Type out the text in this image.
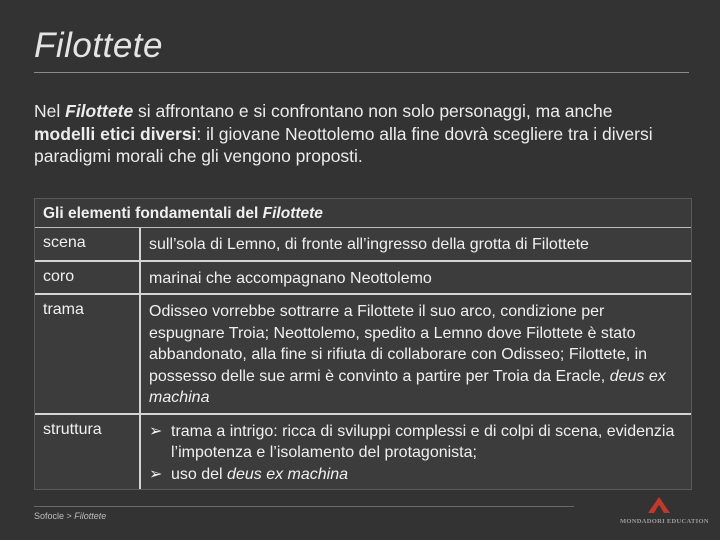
Filottete
Nel Filottete si affrontano e si confrontano non solo personaggi, ma anche modelli etici diversi: il giovane Neottolemo alla fine dovrà scegliere tra i diversi paradigmi morali che gli vengono proposti.
Gli elementi fondamentali del Filottete
scena	sull’sola di Lemno, di fronte all’ingresso della grotta di Filottete
coro	marinai che accompagnano Neottolemo
trama	Odisseo vorrebbe sottrarre a Filottete il suo arco, condizione per espugnare Troia; Neottolemo, spedito a Lemno dove Filottete è stato abbandonato, alla fine si rifiuta di collaborare con Odisseo; Filottete, in possesso delle sue armi è convinto a partire per Troia da Eracle, deus ex machina
struttura	➢ trama a intrigo: ricca di sviluppi complessi e di colpi di scena, evidenzia l’impotenza e l’isolamento del protagonista;
➢ uso del deus ex machina
Sofocle > Filottete
MONDADORI EDUCATION
